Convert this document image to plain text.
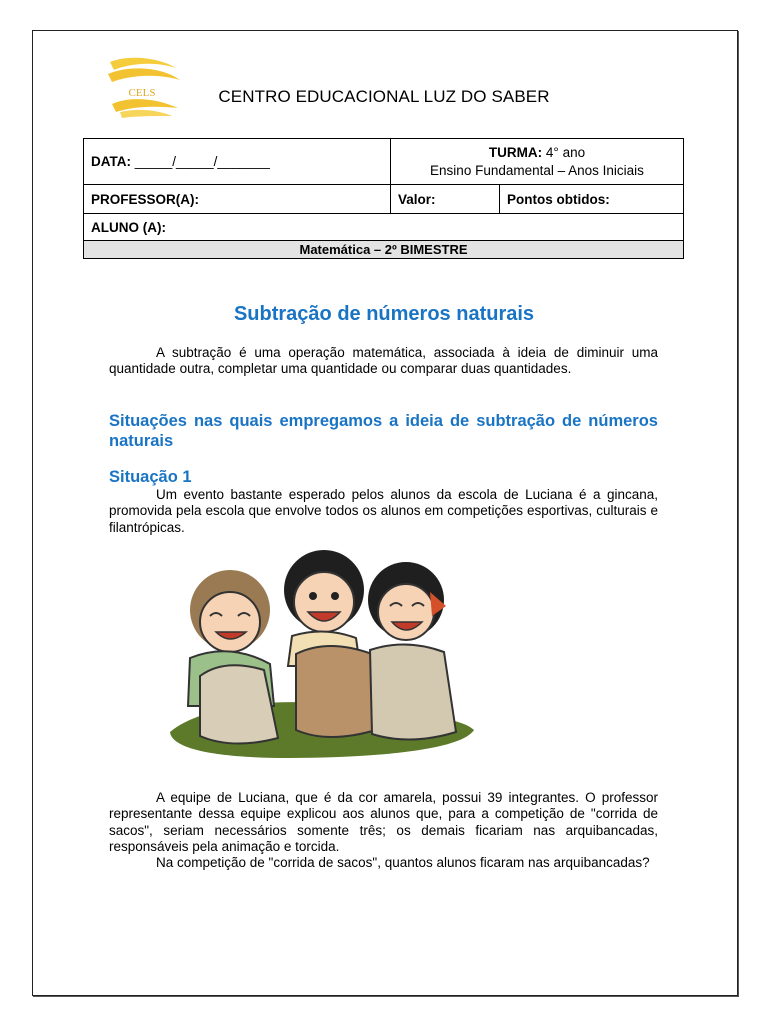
CELS	CENTRO EDUCACIONAL LUZ DO SABER
DATA: _____/_____/_______	TURMA: 4° ano
Ensino Fundamental – Anos Iniciais	
PROFESSOR(A):	Valor:	Pontos obtidos:
ALUNO (A):		
Matemática – 2º BIMESTRE		
Subtração de números naturais

A subtração é uma operação matemática, associada à ideia de diminuir uma quantidade outra, completar uma quantidade ou comparar duas quantidades.

Situações nas quais empregamos a ideia de subtração de números naturais

Situação 1

Um evento bastante esperado pelos alunos da escola de Luciana é a gincana, promovida pela escola que envolve todos os alunos em competições esportivas, culturais e filantrópicas.

A equipe de Luciana, que é da cor amarela, possui 39 integrantes. O professor representante dessa equipe explicou aos alunos que, para a competição de "corrida de sacos", seriam necessários somente três; os demais ficariam nas arquibancadas, responsáveis pela animação e torcida.

Na competição de "corrida de sacos", quantos alunos ficaram nas arquibancadas?
